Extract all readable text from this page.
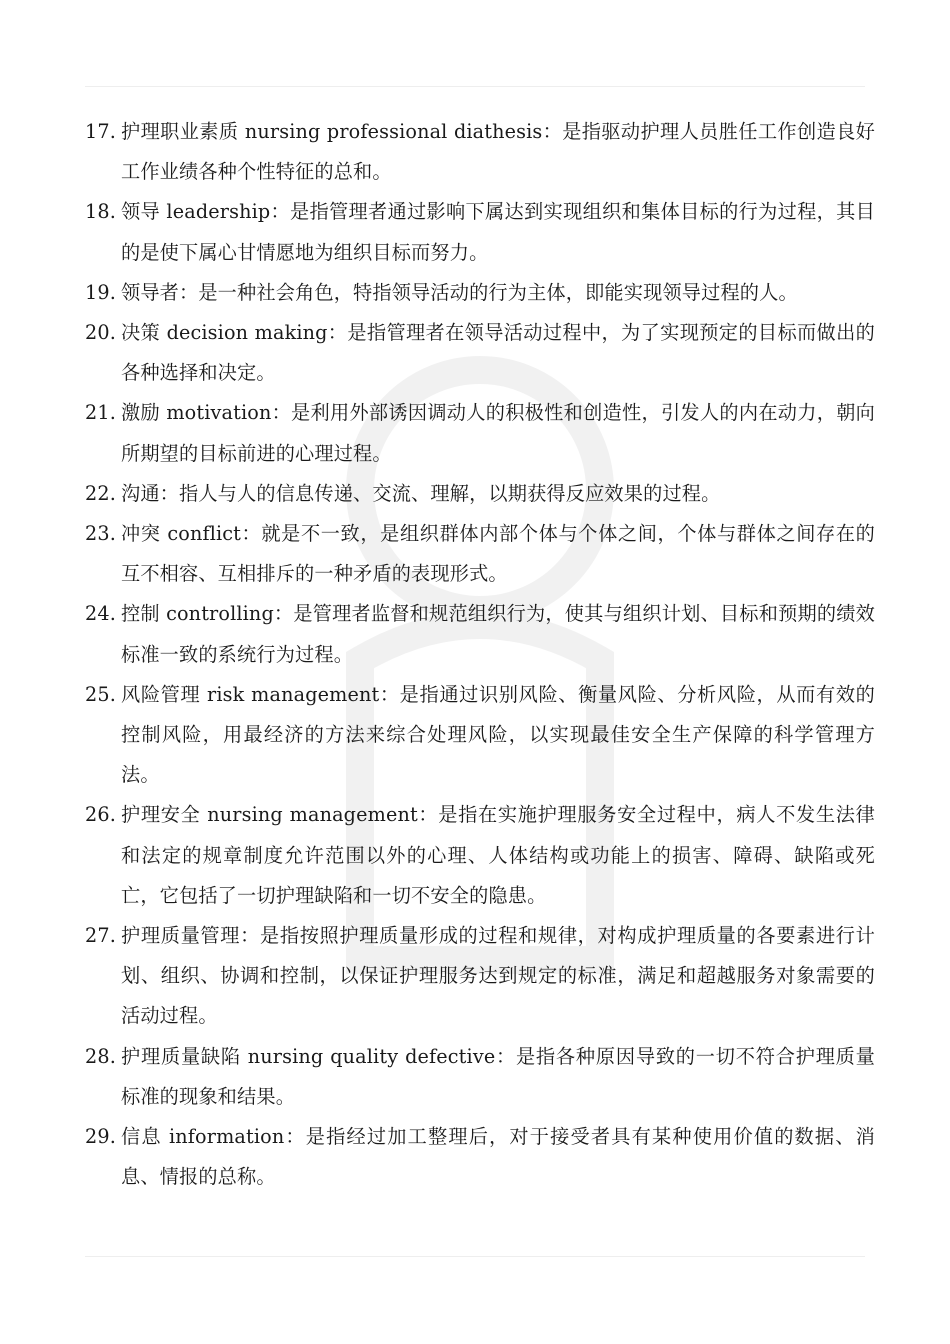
17. 护理职业素质 nursing professional diathesis：是指驱动护理人员胜任工作创造良好工作业绩各种个性特征的总和。
18. 领导 leadership：是指管理者通过影响下属达到实现组织和集体目标的行为过程，其目的是使下属心甘情愿地为组织目标而努力。
19. 领导者：是一种社会角色，特指领导活动的行为主体，即能实现领导过程的人。
20. 决策 decision making：是指管理者在领导活动过程中，为了实现预定的目标而做出的各种选择和决定。
21. 激励 motivation：是利用外部诱因调动人的积极性和创造性，引发人的内在动力，朝向所期望的目标前进的心理过程。
22. 沟通：指人与人的信息传递、交流、理解，以期获得反应效果的过程。
23. 冲突 conflict：就是不一致，是组织群体内部个体与个体之间，个体与群体之间存在的互不相容、互相排斥的一种矛盾的表现形式。
24. 控制 controlling：是管理者监督和规范组织行为，使其与组织计划、目标和预期的绩效标准一致的系统行为过程。
25. 风险管理 risk management：是指通过识别风险、衡量风险、分析风险，从而有效的控制风险，用最经济的方法来综合处理风险，以实现最佳安全生产保障的科学管理方法。
26. 护理安全 nursing management：是指在实施护理服务安全过程中，病人不发生法律和法定的规章制度允许范围以外的心理、人体结构或功能上的损害、障碍、缺陷或死亡，它包括了一切护理缺陷和一切不安全的隐患。
27. 护理质量管理：是指按照护理质量形成的过程和规律，对构成护理质量的各要素进行计划、组织、协调和控制，以保证护理服务达到规定的标准，满足和超越服务对象需要的活动过程。
28. 护理质量缺陷 nursing quality defective：是指各种原因导致的一切不符合护理质量标准的现象和结果。
29. 信息 information：是指经过加工整理后，对于接受者具有某种使用价值的数据、消息、情报的总称。
